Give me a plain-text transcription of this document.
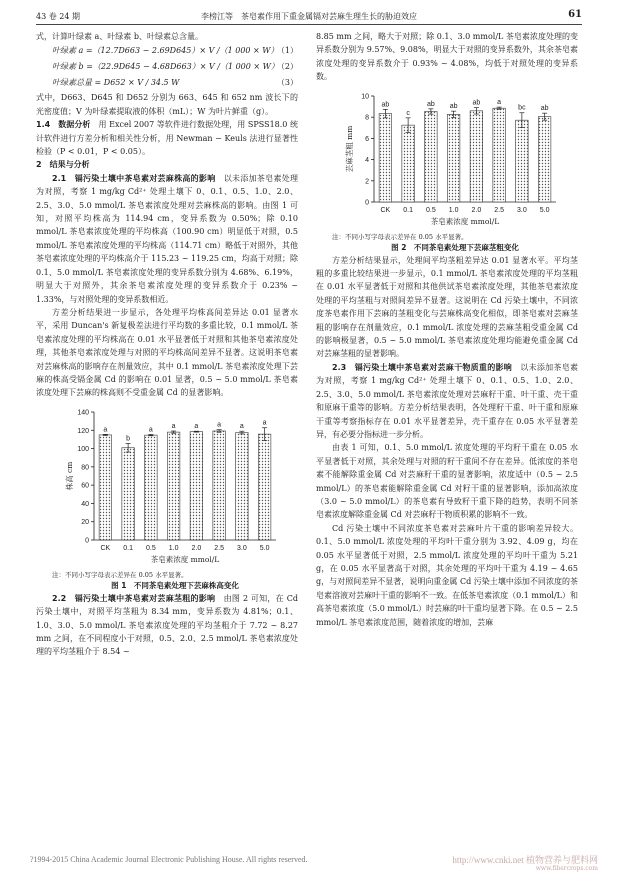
43 卷 24 期	李榜江等　茶皂素作用下重金属镉对芸麻生理生长的胁迫效应	61

式，计算叶绿素 a、叶绿素 b、叶绿素总含量。

叶绿素 a =（12.7D663 − 2.69D645）× V /（1 000 × W）
（1）
叶绿素 b =（22.9D645 − 4.68D663）× V /（1 000 × W）
（2）
叶绿素总量 = D652 × V / 34.5 W	（3）

式中，D663、D645 和 D652 分别为 663、645 和 652 nm 波长下的光密度值；V 为叶绿素提取液的体积（mL）；W 为叶片鲜重（g）。

1.4　数据分析　 用 Excel 2007 等软件进行数据处理，用 SPSS18.0 统计软件进行方差分析和相关性分析，用 Newman − Keuls 法进行显著性检验（P < 0.01，P < 0.05）。

2　结果与分析

2.1　镉污染土壤中茶皂素对芸麻株高的影响　 以未添加茶皂素处理为对照，考察 1 mg/kg Cd²⁺ 处理土壤下 0、0.1、0.5、1.0、2.0、2.5、3.0、5.0 mmol/L 茶皂素浓度处理对芸麻株高的影响。由图 1 可知，对照平均株高为 114.94 cm，变异系数为 0.50%；除 0.10 mmol/L 茶皂素浓度处理的平均株高（100.90 cm）明显低于对照，0.5 mmol/L 茶皂素浓度处理的平均株高（114.71 cm）略低于对照外，其他茶皂素浓度处理的平均株高介于 115.23 ~ 119.25 cm，均高于对照；除 0.1、5.0 mmol/L 茶皂素浓度处理的变异系数分别为 4.68%、6.19%，明显大于对照外，其余茶皂素浓度处理的变异系数介于 0.23% ~ 1.33%，与对照处理的变异系数相近。

方差分析结果进一步显示，各处理平均株高间差异达 0.01 显著水平，采用 Duncan's 新复极差法进行平均数的多重比较，0.1 mmol/L 茶皂素浓度处理的平均株高在 0.01 水平显著低于对照和其他茶皂素浓度处理，其他茶皂素浓度处理与对照的平均株高间差异不显著。这说明茶皂素对芸麻株高的影响存在剂量效应，其中 0.1 mmol/L 茶皂素浓度处理下芸麻的株高受镉金属 Cd 的影响在 0.01 显著，0.5 ~ 5.0 mmol/L 茶皂素浓度处理下芸麻的株高则不受重金属 Cd 的显著影响。

0
20
40
60
80
100
120
140
a
CK
b
0.1
a
0.5
a
1.0
a
2.0
a
2.5
a
3.0
a
5.0
茶皂素浓度 mmol/L
株高 cm

注：不同小写字母表示差异在 0.05 水平显著。

图 1　不同茶皂素处理下芸麻株高变化

2.2　镉污染土壤中茶皂素对芸麻茎粗的影响　 由图 2 可知，在 Cd 污染土壤中，对照平均茎粗为 8.34 mm，变异系数为 4.81%；0.1、1.0、3.0、5.0 mmol/L 茶皂素浓度处理的平均茎粗介于 7.72 ~ 8.27 mm 之间，在不同程度小于对照，0.5、2.0、2.5 mmol/L 茶皂素浓度处理的平均茎粗介于 8.54 ~

8.85 mm 之间，略大于对照；除 0.1、3.0 mmol/L 茶皂素浓度处理的变异系数分别为 9.57%、9.08%，明显大于对照的变异系数外，其余茶皂素浓度处理的变异系数介于 0.93% ~ 4.08%，均低于对照处理的变异系数。

0
2
4
6
8
10
ab
CK
c
0.1
ab
0.5
ab
1.0
ab
2.0
a
2.5
bc
3.0
ab
5.0
茶皂素浓度 mmol/L
芸麻茎粗 mm

注：不同小写字母表示差异在 0.05 水平显著。

图 2　不同茶皂素处理下芸麻茎粗变化

方差分析结果显示，处理间平均茎粗差异达 0.01 显著水平。平均茎粗的多重比较结果进一步显示，0.1 mmol/L 茶皂素浓度处理的平均茎粗在 0.01 水平显著低于对照和其他供试茶皂素浓度处理，其他茶皂素浓度处理的平均茎粗与对照间差异不显著。这说明在 Cd 污染土壤中，不同浓度茶皂素作用下芸麻的茎粗变化与芸麻株高变化相似，即茶皂素对芸麻茎粗的影响存在剂量效应，0.1 mmol/L 浓度处理的芸麻茎粗受重金属 Cd 的影响极显著，0.5 ~ 5.0 mmol/L 茶皂素浓度处理均能避免重金属 Cd 对芸麻茎粗的显著影响。

2.3　镉污染土壤中茶皂素对芸麻干物质重的影响　 以未添加茶皂素为对照，考察 1 mg/kg Cd²⁺ 处理土壤下 0、0.1、0.5、1.0、2.0、2.5、3.0、5.0 mmol/L 茶皂素浓度处理对芸麻籽干重、叶干重、壳干重和原麻干重等的影响。方差分析结果表明，各处理籽干重、叶干重和原麻干重等考察指标存在 0.01 水平显著差异，壳干重存在 0.05 水平显著差异，有必要分指标进一步分析。

由表 1 可知，0.1、5.0 mmol/L 浓度处理的平均籽干重在 0.05 水平显著低于对照，其余处理与对照的籽干重间不存在差异。低浓度的茶皂素不能解除重金属 Cd 对芸麻籽干重的显著影响，浓度适中（0.5 ~ 2.5 mmol/L）的茶皂素能解除重金属 Cd 对籽干重的显著影响，添加高浓度（3.0 ~ 5.0 mmol/L）的茶皂素有导致籽干重下降的趋势，表明不同茶皂素浓度解除重金属 Cd 对芸麻籽干物质积累的影响不一致。

Cd 污染土壤中不同浓度茶皂素对芸麻叶片干重的影响差异较大。0.1、5.0 mmol/L 浓度处理的平均叶干重分别为 3.92、4.09 g，均在 0.05 水平显著低于对照，2.5 mmol/L 浓度处理的平均叶干重为 5.21 g，在 0.05 水平显著高于对照，其余处理的平均叶干重为 4.19 ~ 4.65 g，与对照间差异不显著，说明向重金属 Cd 污染土壤中添加不同浓度的茶皂素溶液对芸麻叶干重的影响不一致。在低茶皂素浓度（0.1 mmol/L）和高茶皂素浓度（5.0 mmol/L）时芸麻的叶干重均显著下降。在 0.5 ~ 2.5 mmol/L 茶皂素浓度范围，随着浓度的增加，芸麻

?1994-2015 China Academic Journal Electronic Publishing House. All rights reserved.	http://www.cnki.net 植物营养与肥料网
www.fibercrops.com
